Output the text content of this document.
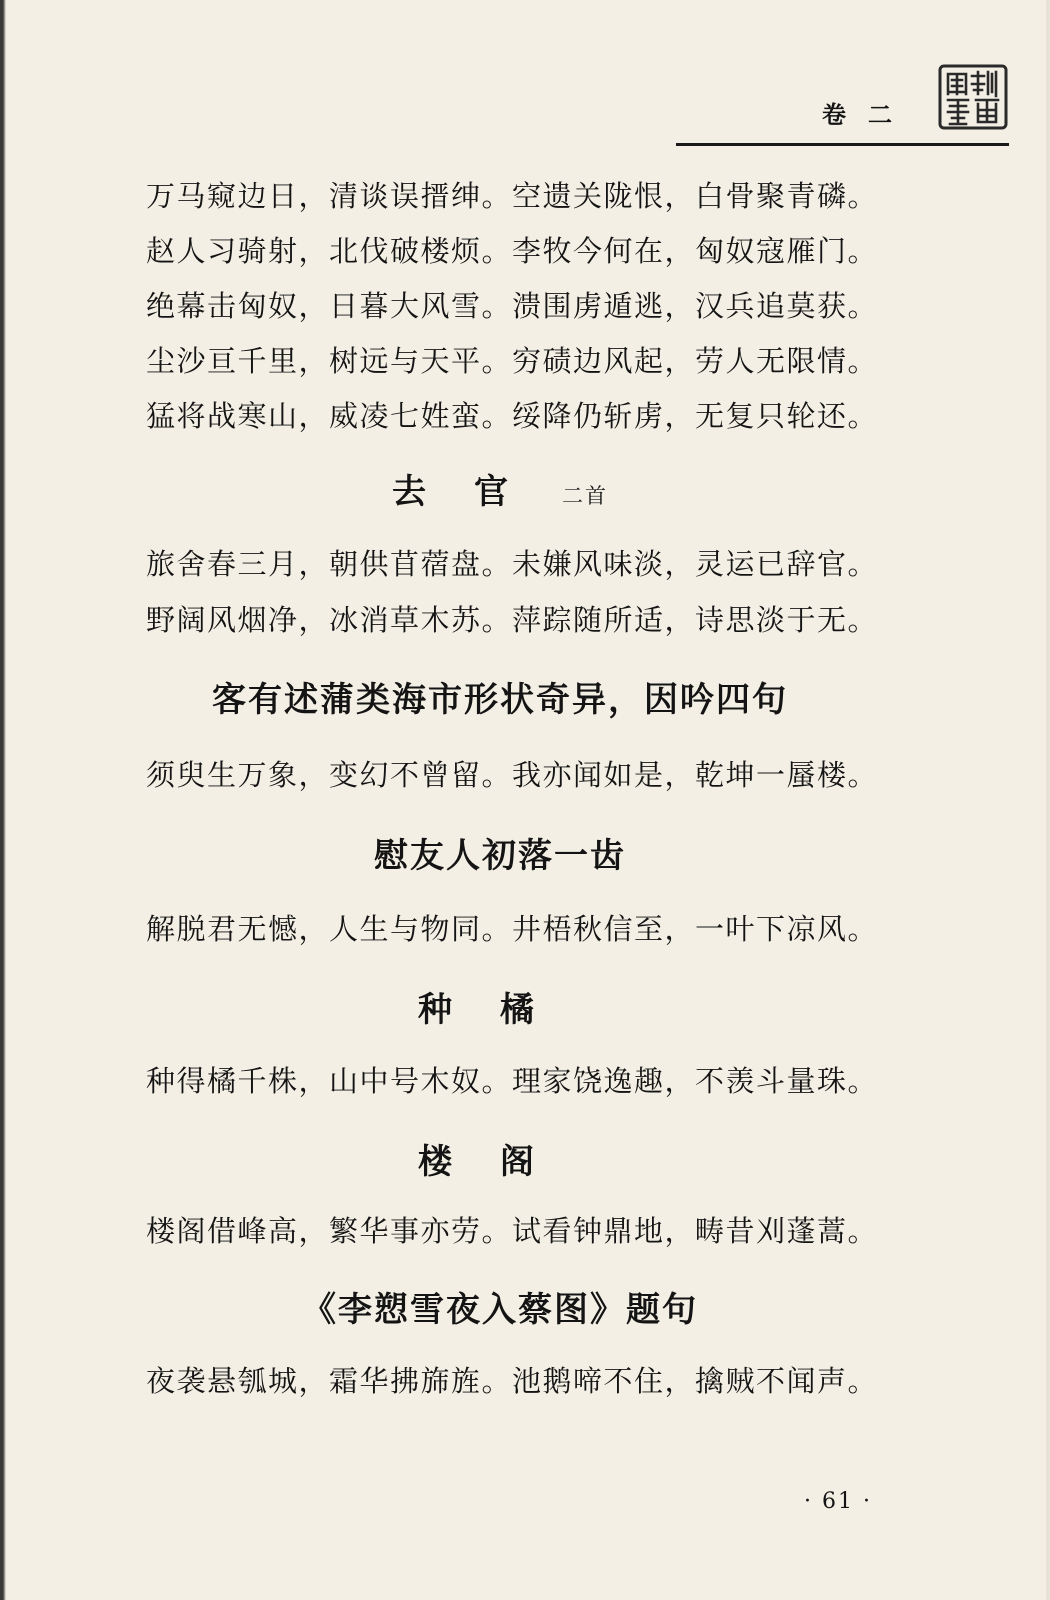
卷二
万马窥边日，清谈误搢绅。空遗关陇恨，白骨聚青磷。
赵人习骑射，北伐破楼烦。李牧今何在，匈奴寇雁门。
绝幕击匈奴，日暮大风雪。溃围虏遁逃，汉兵追莫获。
尘沙亘千里，树远与天平。穷碛边风起，劳人无限情。
猛将战寒山，威凌七姓蛮。绥降仍斩虏，无复只轮还。
去官 二首
旅舍春三月，朝供苜蓿盘。未嫌风味淡，灵运已辞官。
野阔风烟净，冰消草木苏。萍踪随所适，诗思淡于无。
客有述蒲类海市形状奇异，因吟四句
须臾生万象，变幻不曾留。我亦闻如是，乾坤一蜃楼。
慰友人初落一齿
解脱君无憾，人生与物同。井梧秋信至，一叶下凉风。
种橘
种得橘千株，山中号木奴。理家饶逸趣，不羡斗量珠。
楼阁
楼阁借峰高，繁华事亦劳。试看钟鼎地，畴昔刈蓬蒿。
《李愬雪夜入蔡图》题句
夜袭悬瓠城，霜华拂旆旌。池鹅啼不住，擒贼不闻声。
· 61 ·
